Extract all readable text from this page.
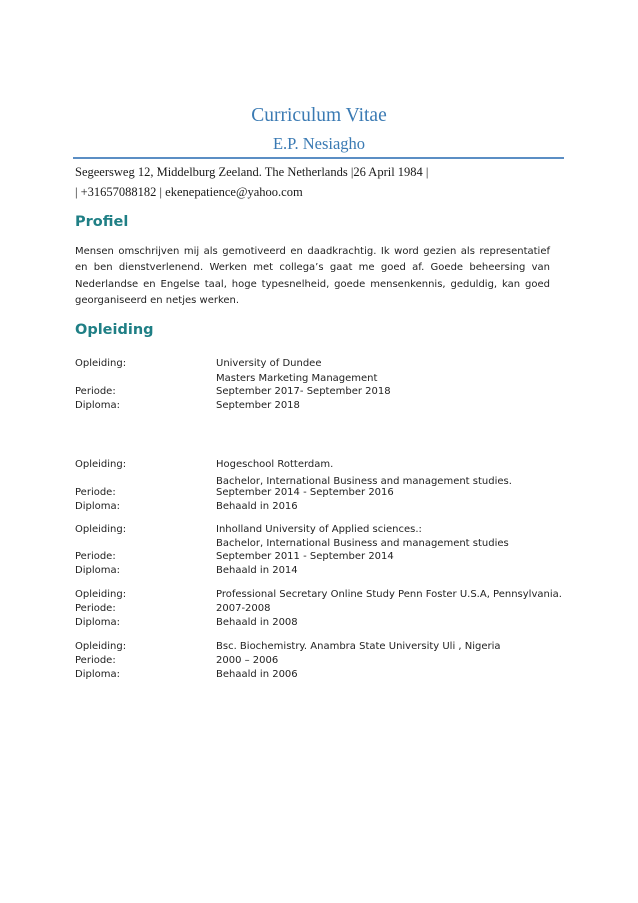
Curriculum Vitae
E.P. Nesiagho
Segeersweg 12, Middelburg Zeeland. The Netherlands |26 April 1984 |
| +31657088182 | ekenepatience@yahoo.com
Profiel
Mensen omschrijven mij als gemotiveerd en daadkrachtig. Ik word gezien als representatief en ben dienstverlenend. Werken met collega’s gaat me goed af. Goede beheersing van Nederlandse en Engelse taal, hoge typesnelheid, goede mensenkennis, geduldig, kan goed georganiseerd en netjes werken.
Opleiding
Opleiding:	University of Dundee
Masters Marketing Management
Periode:	September 2017- September 2018
Diploma:	September 2018
Opleiding:	Hogeschool Rotterdam.
Bachelor, International Business and management studies.
Periode:	September 2014 - September 2016
Diploma:	Behaald in 2016
Opleiding:	Inholland University of Applied sciences.:
Bachelor, International Business and management studies
Periode:	September 2011 - September 2014
Diploma:	Behaald in 2014
Opleiding:	Professional Secretary Online Study Penn Foster U.S.A, Pennsylvania.
Periode:	2007-2008
Diploma:	Behaald in 2008
Opleiding:	Bsc. Biochemistry. Anambra State University Uli , Nigeria
Periode:	2000 – 2006
Diploma:	Behaald in 2006
